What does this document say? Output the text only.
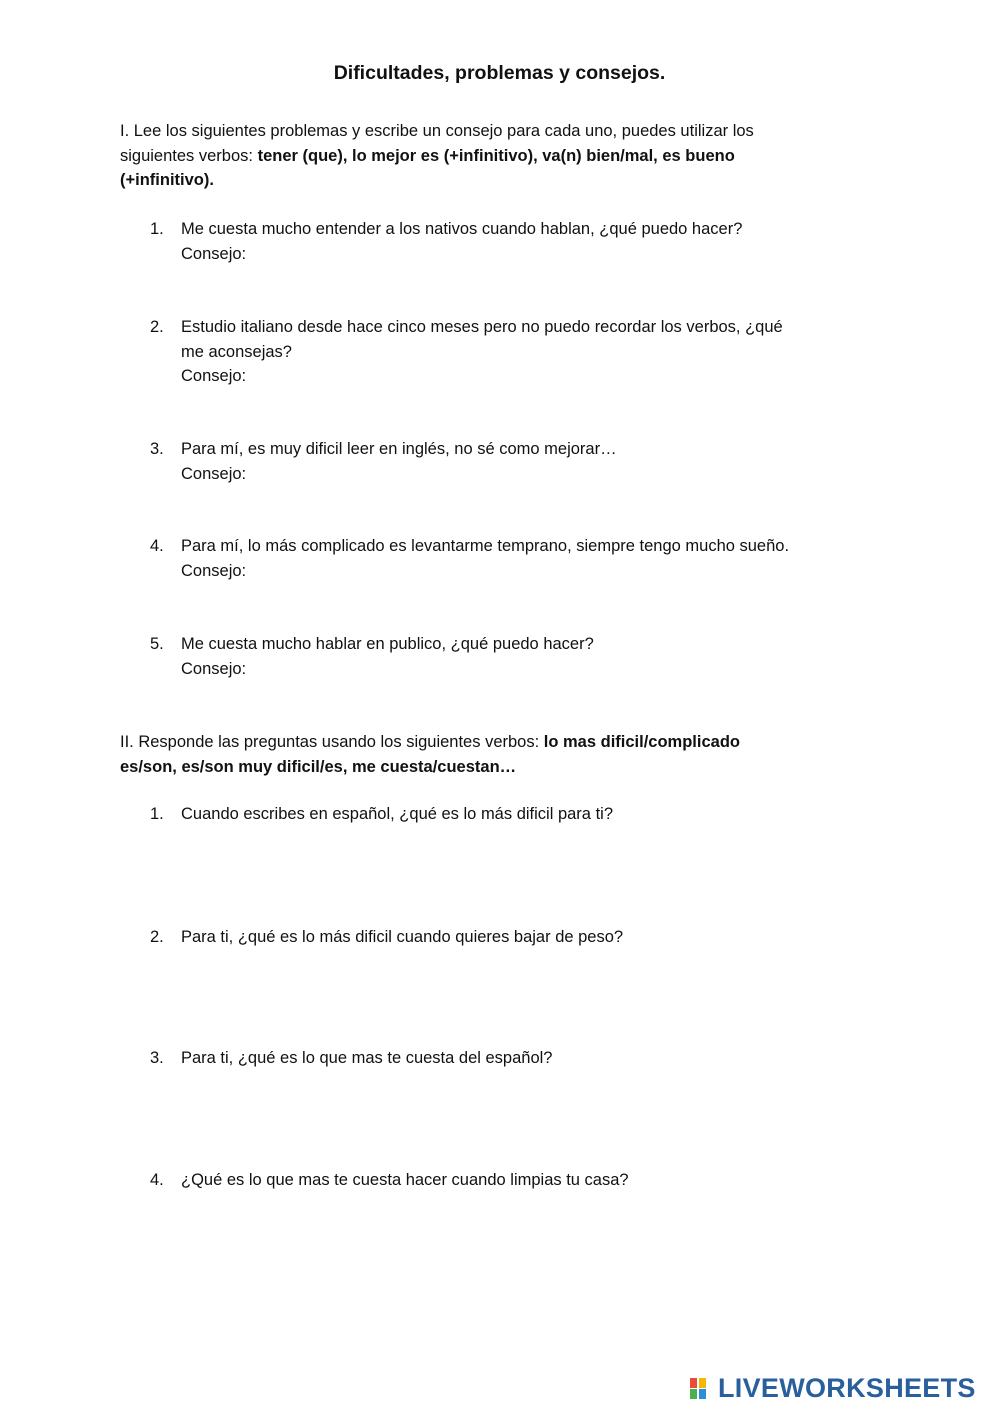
Dificultades, problemas y consejos.
I. Lee los siguientes problemas y escribe un consejo para cada uno, puedes utilizar los
siguientes verbos: tener (que), lo mejor es (+infinitivo), va(n) bien/mal, es bueno
(+infinitivo).
1.	Me cuesta mucho entender a los nativos cuando hablan, ¿qué puedo hacer?
Consejo:
2.	Estudio italiano desde hace cinco meses pero no puedo recordar los verbos, ¿qué
me aconsejas?
Consejo:
3.	Para mí, es muy dificil leer en inglés, no sé como mejorar…
Consejo:
4.	Para mí, lo más complicado es levantarme temprano, siempre tengo mucho sueño.
Consejo:
5.	Me cuesta mucho hablar en publico, ¿qué puedo hacer?
Consejo:
II. Responde las preguntas usando los siguientes verbos: lo mas dificil/complicado
es/son, es/son muy dificil/es, me cuesta/cuestan…
1.	Cuando escribes en español, ¿qué es lo más dificil para ti?
2.	Para ti, ¿qué es lo más dificil cuando quieres bajar de peso?
3.	Para ti, ¿qué es lo que mas te cuesta del español?
4.	¿Qué es lo que mas te cuesta hacer cuando limpias tu casa?
LIVEWORKSHEETS
